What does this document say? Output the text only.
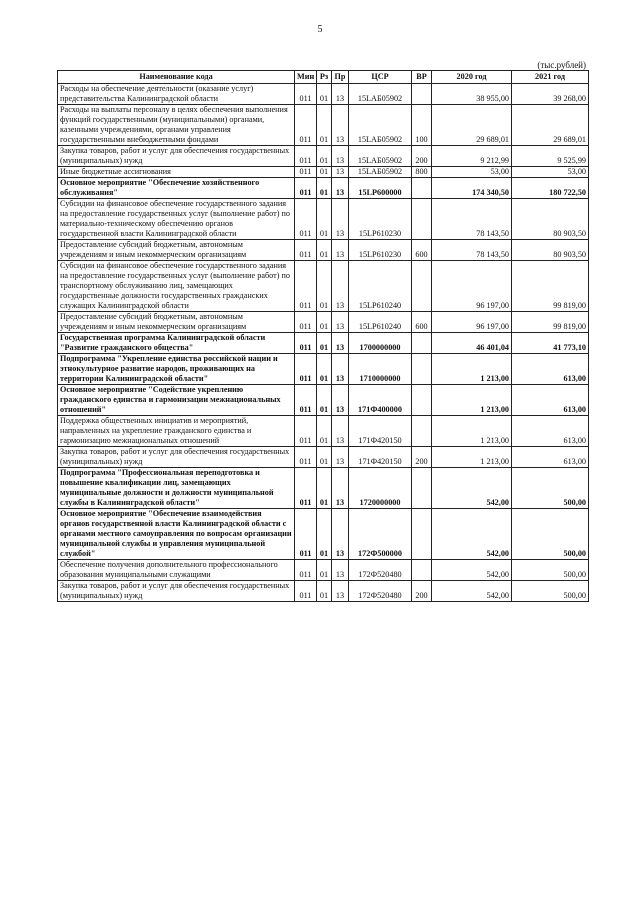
5
(тыс.рублей)
Наименование кода	Мин	Рз	Пр	ЦСР	ВР	2020 год	2021 год
Расходы на обеспечение деятельности (оказание услуг) представительства Калининградской области	011	01	13	15LАБ05902		38 955,00	39 268,00
Расходы на выплаты персоналу в целях обеспечения выполнения функций государственными (муниципальными) органами, казенными учреждениями, органами управления государственными внебюджетными фондами	011	01	13	15LАБ05902	100	29 689,01	29 689,01
Закупка товаров, работ и услуг для обеспечения государственных (муниципальных) нужд	011	01	13	15LАБ05902	200	9 212,99	9 525,99
Иные бюджетные ассигнования	011	01	13	15LАБ05902	800	53,00	53,00
Основное мероприятие "Обеспечение хозяйственного обслуживания"	011	01	13	15LР600000		174 340,50	180 722,50
Субсидии на финансовое обеспечение государственного задания на предоставление государственных услуг (выполнение работ) по материально-техническому обеспечению органов государственной власти Калининградской области	011	01	13	15LР610230		78 143,50	80 903,50
Предоставление субсидий бюджетным, автономным учреждениям и иным некоммерческим организациям	011	01	13	15LР610230	600	78 143,50	80 903,50
Субсидии на финансовое обеспечение государственного задания на предоставление государственных услуг (выполнение работ) по транспортному обслуживанию лиц, замещающих государственные должности государственных гражданских служащих Калининградской области	011	01	13	15LР610240		96 197,00	99 819,00
Предоставление субсидий бюджетным, автономным учреждениям и иным некоммерческим организациям	011	01	13	15LР610240	600	96 197,00	99 819,00
Государственная программа Калининградской области "Развитие гражданского общества"	011	01	13	1700000000		46 401,04	41 773,10
Подпрограмма "Укрепление единства российской нации и этнокультурное развитие народов, проживающих на территории Калининградской области"	011	01	13	1710000000		1 213,00	613,00
Основное мероприятие "Содействие укреплению гражданского единства и гармонизации межнациональных отношений"	011	01	13	171Ф400000		1 213,00	613,00
Поддержка общественных инициатив и мероприятий, направленных на укрепление гражданского единства и гармонизацию межнациональных отношений	011	01	13	171Ф420150		1 213,00	613,00
Закупка товаров, работ и услуг для обеспечения государственных (муниципальных) нужд	011	01	13	171Ф420150	200	1 213,00	613,00
Подпрограмма "Профессиональная переподготовка и повышение квалификации лиц, замещающих муниципальные должности и должности муниципальной службы в Калининградской области"	011	01	13	1720000000		542,00	500,00
Основное мероприятие "Обеспечение взаимодействия органов государственной власти Калининградской области с органами местного самоуправления по вопросам организации муниципальной службы и управления муниципальной службой"	011	01	13	172Ф500000		542,00	500,00
Обеспечение получения дополнительного профессионального образования муниципальными служащими	011	01	13	172Ф520480		542,00	500,00
Закупка товаров, работ и услуг для обеспечения государственных (муниципальных) нужд	011	01	13	172Ф520480	200	542,00	500,00
